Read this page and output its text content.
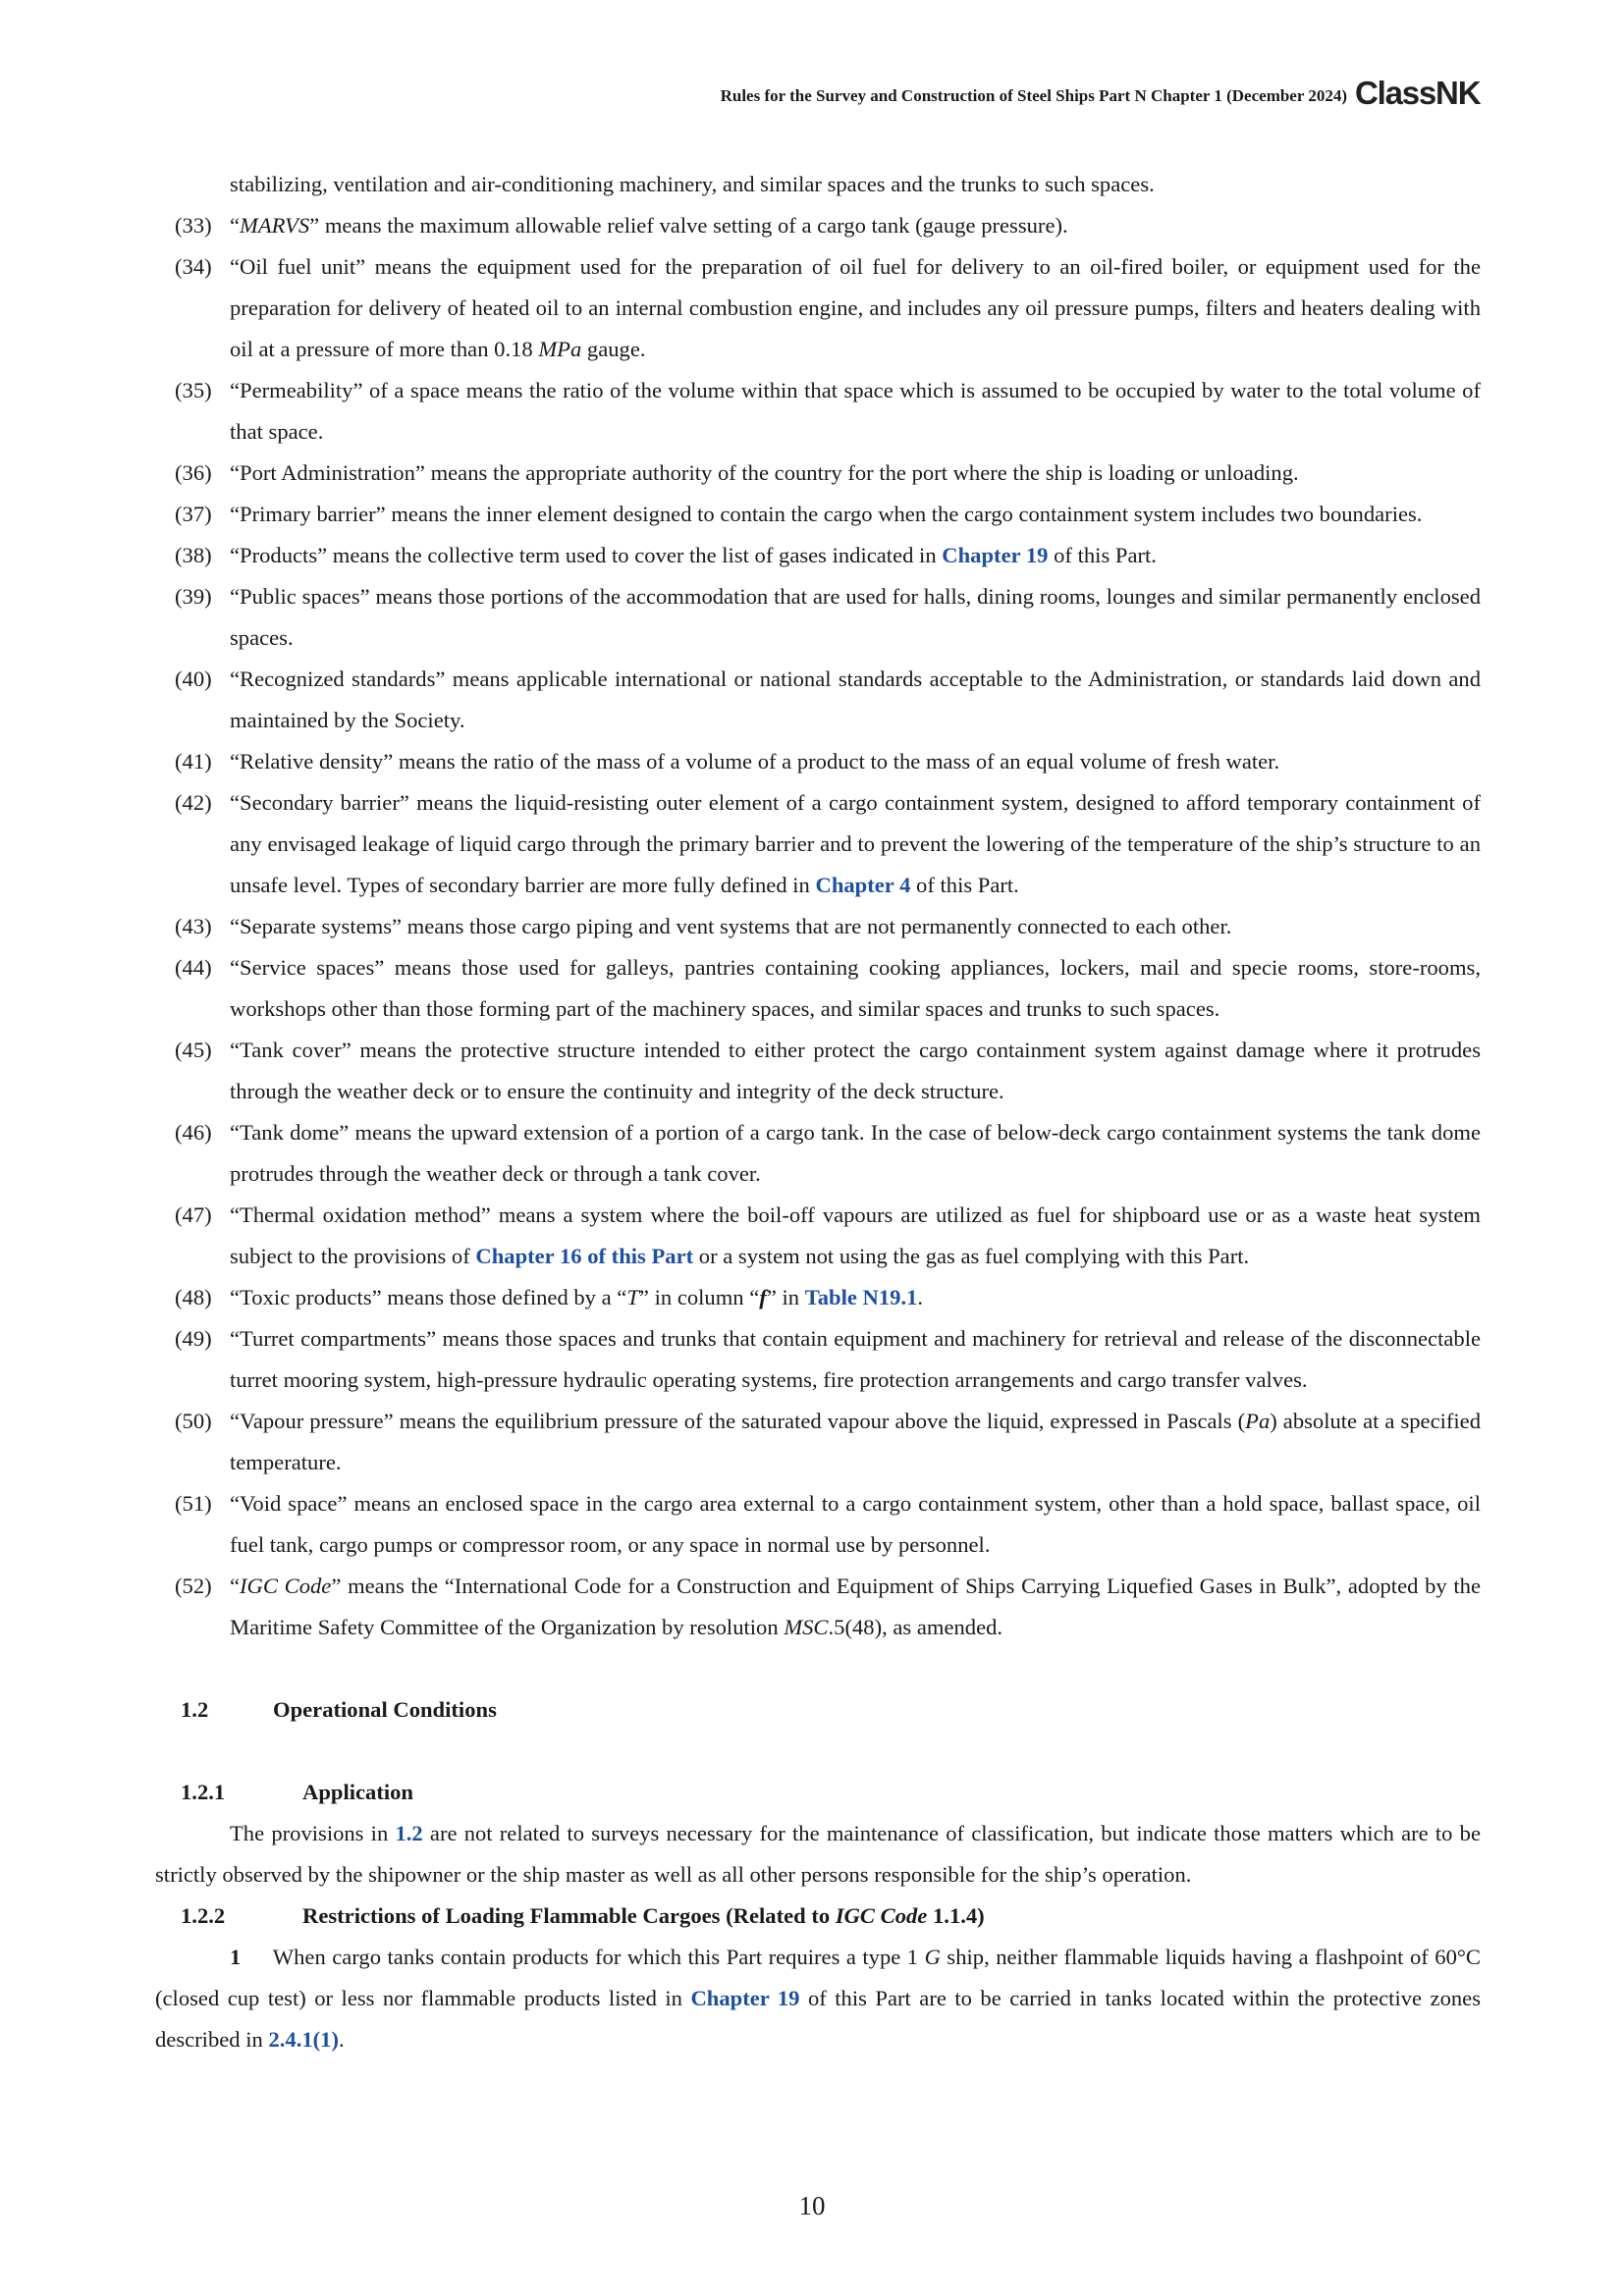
Rules for the Survey and Construction of Steel Ships Part N Chapter 1 (December 2024) ClassNK
stabilizing, ventilation and air-conditioning machinery, and similar spaces and the trunks to such spaces.
(33) “MARVS” means the maximum allowable relief valve setting of a cargo tank (gauge pressure).
(34) “Oil fuel unit” means the equipment used for the preparation of oil fuel for delivery to an oil-fired boiler, or equipment used for the preparation for delivery of heated oil to an internal combustion engine, and includes any oil pressure pumps, filters and heaters dealing with oil at a pressure of more than 0.18 MPa gauge.
(35) “Permeability” of a space means the ratio of the volume within that space which is assumed to be occupied by water to the total volume of that space.
(36) “Port Administration” means the appropriate authority of the country for the port where the ship is loading or unloading.
(37) “Primary barrier” means the inner element designed to contain the cargo when the cargo containment system includes two boundaries.
(38) “Products” means the collective term used to cover the list of gases indicated in Chapter 19 of this Part.
(39) “Public spaces” means those portions of the accommodation that are used for halls, dining rooms, lounges and similar permanently enclosed spaces.
(40) “Recognized standards” means applicable international or national standards acceptable to the Administration, or standards laid down and maintained by the Society.
(41) “Relative density” means the ratio of the mass of a volume of a product to the mass of an equal volume of fresh water.
(42) “Secondary barrier” means the liquid-resisting outer element of a cargo containment system, designed to afford temporary containment of any envisaged leakage of liquid cargo through the primary barrier and to prevent the lowering of the temperature of the ship’s structure to an unsafe level. Types of secondary barrier are more fully defined in Chapter 4 of this Part.
(43) “Separate systems” means those cargo piping and vent systems that are not permanently connected to each other.
(44) “Service spaces” means those used for galleys, pantries containing cooking appliances, lockers, mail and specie rooms, store-rooms, workshops other than those forming part of the machinery spaces, and similar spaces and trunks to such spaces.
(45) “Tank cover” means the protective structure intended to either protect the cargo containment system against damage where it protrudes through the weather deck or to ensure the continuity and integrity of the deck structure.
(46) “Tank dome” means the upward extension of a portion of a cargo tank. In the case of below-deck cargo containment systems the tank dome protrudes through the weather deck or through a tank cover.
(47) “Thermal oxidation method” means a system where the boil-off vapours are utilized as fuel for shipboard use or as a waste heat system subject to the provisions of Chapter 16 of this Part or a system not using the gas as fuel complying with this Part.
(48) “Toxic products” means those defined by a “T” in column “f” in Table N19.1.
(49) “Turret compartments” means those spaces and trunks that contain equipment and machinery for retrieval and release of the disconnectable turret mooring system, high-pressure hydraulic operating systems, fire protection arrangements and cargo transfer valves.
(50) “Vapour pressure” means the equilibrium pressure of the saturated vapour above the liquid, expressed in Pascals (Pa) absolute at a specified temperature.
(51) “Void space” means an enclosed space in the cargo area external to a cargo containment system, other than a hold space, ballast space, oil fuel tank, cargo pumps or compressor room, or any space in normal use by personnel.
(52) “IGC Code” means the “International Code for a Construction and Equipment of Ships Carrying Liquefied Gases in Bulk”, adopted by the Maritime Safety Committee of the Organization by resolution MSC.5(48), as amended.
1.2	Operational Conditions
1.2.1	Application
The provisions in 1.2 are not related to surveys necessary for the maintenance of classification, but indicate those matters which are to be strictly observed by the shipowner or the ship master as well as all other persons responsible for the ship’s operation.
1.2.2	Restrictions of Loading Flammable Cargoes (Related to IGC Code 1.1.4)
1 When cargo tanks contain products for which this Part requires a type 1 G ship, neither flammable liquids having a flashpoint of 60°C (closed cup test) or less nor flammable products listed in Chapter 19 of this Part are to be carried in tanks located within the protective zones described in 2.4.1(1).
10
